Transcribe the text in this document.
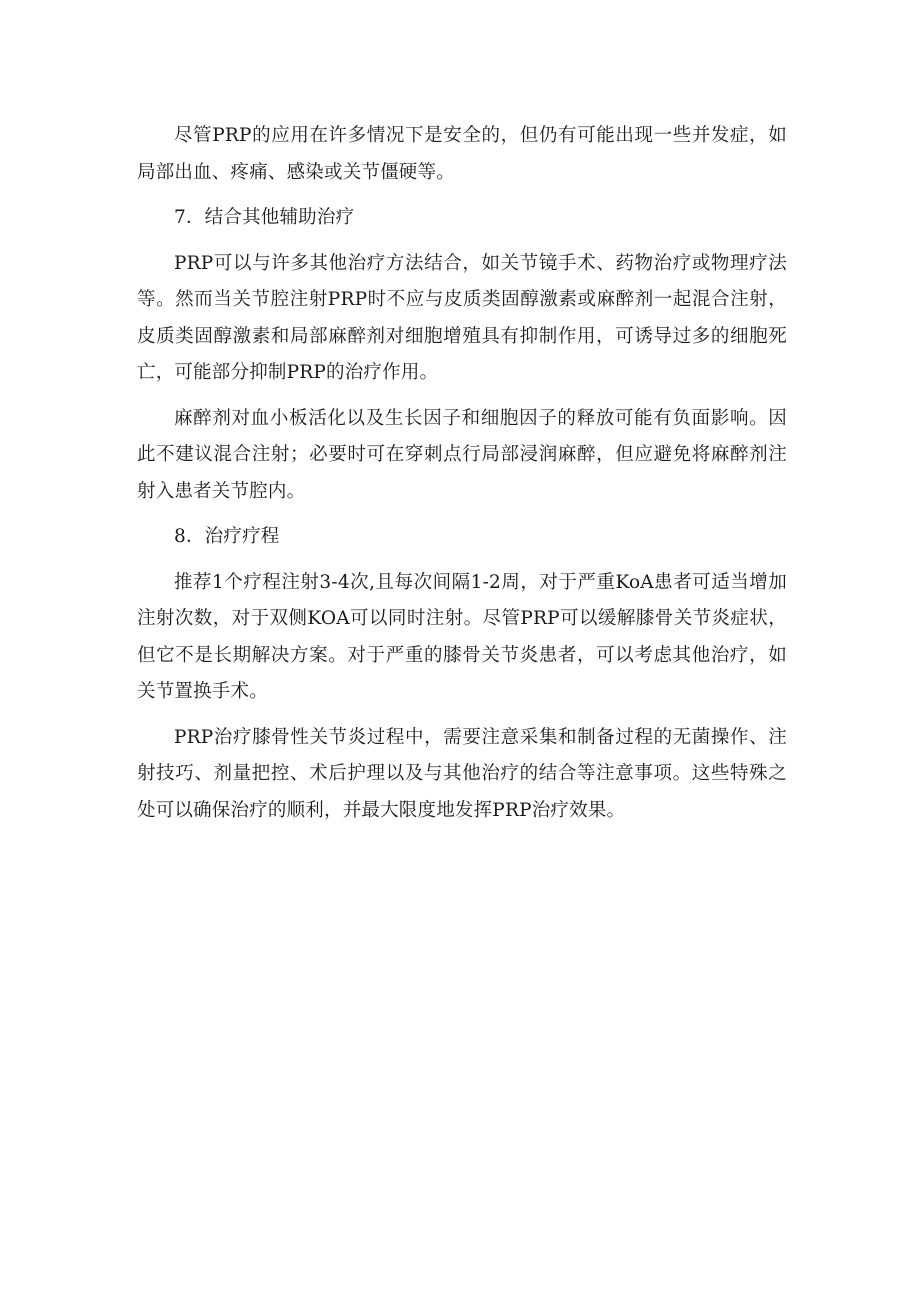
尽管PRP的应用在许多情况下是安全的，但仍有可能出现一些并发症，如局部出血、疼痛、感染或关节僵硬等。

7．结合其他辅助治疗

PRP可以与许多其他治疗方法结合，如关节镜手术、药物治疗或物理疗法等。然而当关节腔注射PRP时不应与皮质类固醇激素或麻醉剂一起混合注射，皮质类固醇激素和局部麻醉剂对细胞增殖具有抑制作用，可诱导过多的细胞死亡，可能部分抑制PRP的治疗作用。

麻醉剂对血小板活化以及生长因子和细胞因子的释放可能有负面影响。因此不建议混合注射；必要时可在穿刺点行局部浸润麻醉，但应避免将麻醉剂注射入患者关节腔内。

8．治疗疗程

推荐1个疗程注射3-4次,且每次间隔1-2周，对于严重KoA患者可适当增加注射次数，对于双侧KOA可以同时注射。尽管PRP可以缓解膝骨关节炎症状，但它不是长期解决方案。对于严重的膝骨关节炎患者，可以考虑其他治疗，如关节置换手术。

PRP治疗膝骨性关节炎过程中，需要注意采集和制备过程的无菌操作、注射技巧、剂量把控、术后护理以及与其他治疗的结合等注意事项。这些特殊之处可以确保治疗的顺利，并最大限度地发挥PRP治疗效果。
